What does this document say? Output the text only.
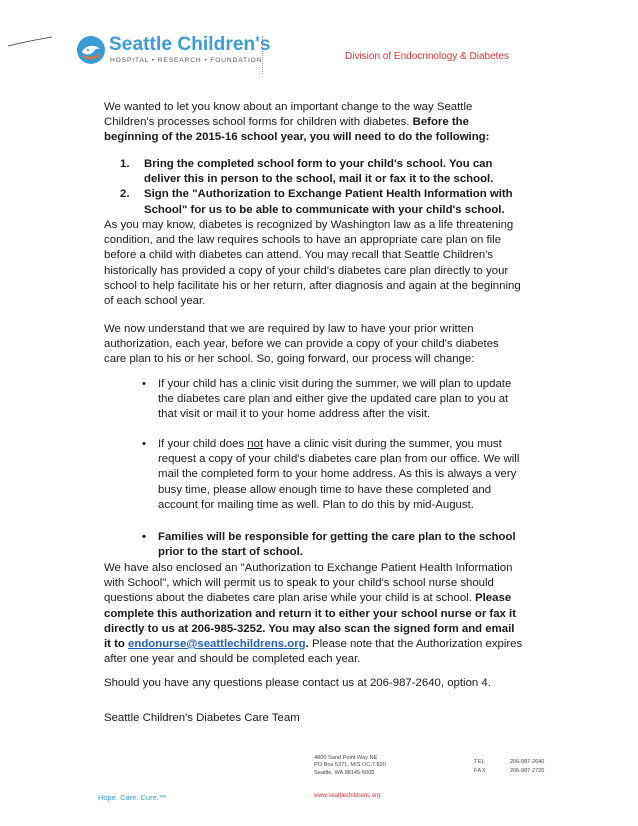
Seattle Children's
HOSPITAL • RESEARCH • FOUNDATION	Division of Endocrinology & Diabetes

We wanted to let you know about an important change to the way Seattle Children's processes school forms for children with diabetes. Before the beginning of the 2015-16 school year, you will need to do the following:

1. Bring the completed school form to your child's school. You can deliver this in person to the school, mail it or fax it to the school.
2. Sign the "Authorization to Exchange Patient Health Information with School" for us to be able to communicate with your child's school.
As you may know, diabetes is recognized by Washington law as a life threatening condition, and the law requires schools to have an appropriate care plan on file before a child with diabetes can attend. You may recall that Seattle Children's historically has provided a copy of your child's diabetes care plan directly to your school to help facilitate his or her return, after diagnosis and again at the beginning of each school year.
We now understand that we are required by law to have your prior written authorization, each year, before we can provide a copy of your child's diabetes care plan to his or her school. So, going forward, our process will change:
• If your child has a clinic visit during the summer, we will plan to update the diabetes care plan and either give the updated care plan to you at that visit or mail it to your home address after the visit.
• If your child does not have a clinic visit during the summer, you must request a copy of your child's diabetes care plan from our office. We will mail the completed form to your home address. As this is always a very busy time, please allow enough time to have these completed and account for mailing time as well. Plan to do this by mid-August.
• Families will be responsible for getting the care plan to the school prior to the start of school.

We have also enclosed an "Authorization to Exchange Patient Health Information with School", which will permit us to speak to your child's school nurse should questions about the diabetes care plan arise while your child is at school. Please complete this authorization and return it to either your school nurse or fax it directly to us at 206-985-3252. You may also scan the signed form and email it to endonurse@seattlechildrens.org. Please note that the Authorization expires after one year and should be completed each year.

Should you have any questions please contact us at 206-987-2640, option 4.
Seattle Children's Diabetes Care Team
4800 Sand Point Way NE
PO Box 5371, M/S OC.7.820
Seattle, WA 98145-5005
TEL	206-987-2640
FAX	206-987-2720
Hope. Care. Cure.™	www.seattlechildrens.org
